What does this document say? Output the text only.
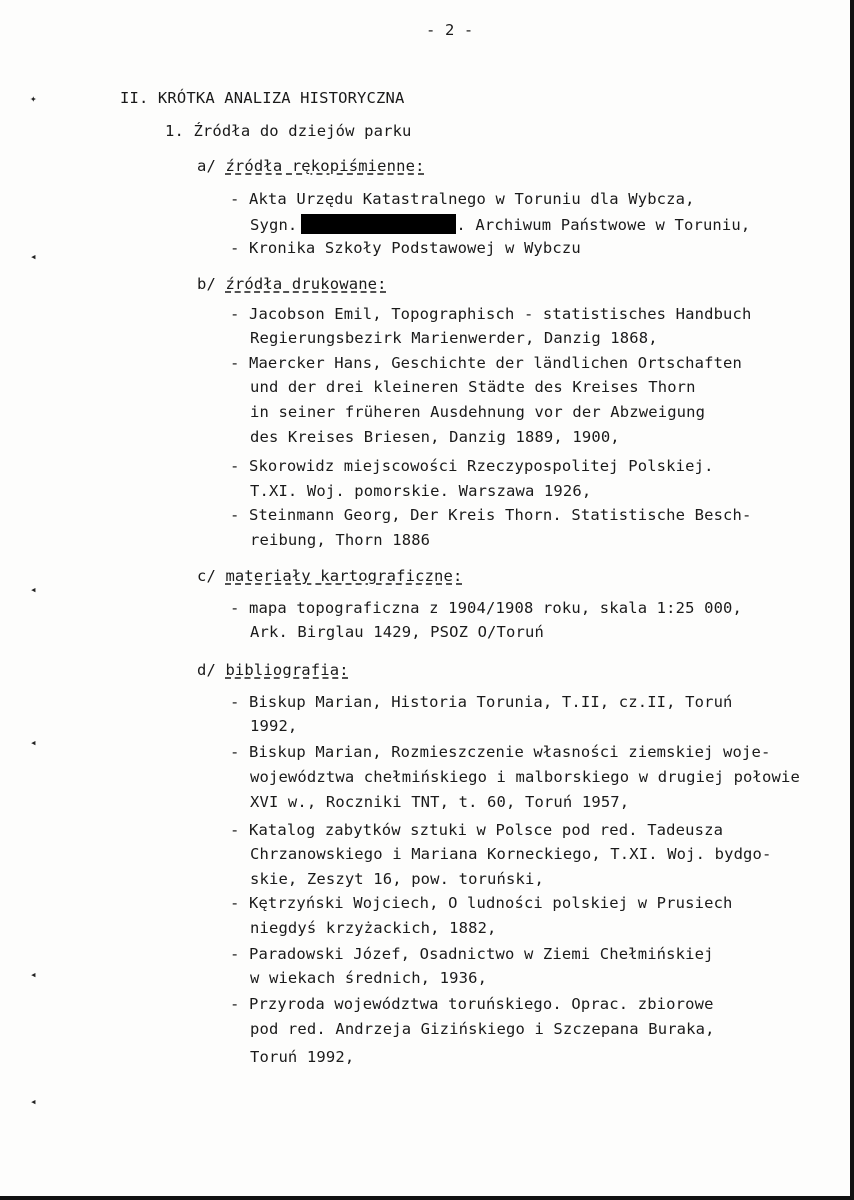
✦
◂
◂
◂
◂
◂
- 2 -
II. KRÓTKA ANALIZA HISTORYCZNA
1. Źródła do dziejów parku
a/ źródła rękopiśmienne:
- Akta Urzędu Katastralnego w Toruniu dla Wybcza,
Sygn.	. Archiwum Państwowe w Toruniu,
- Kronika Szkoły Podstawowej w Wybczu
b/ źródła drukowane:
- Jacobson Emil, Topographisch - statistisches Handbuch
Regierungsbezirk Marienwerder, Danzig 1868,
- Maercker Hans, Geschichte der ländlichen Ortschaften
und der drei kleineren Städte des Kreises Thorn
in seiner früheren Ausdehnung vor der Abzweigung
des Kreises Briesen, Danzig 1889, 1900,
- Skorowidz miejscowości Rzeczypospolitej Polskiej.
T.XI. Woj. pomorskie. Warszawa 1926,
- Steinmann Georg, Der Kreis Thorn. Statistische Besch-
reibung, Thorn 1886
c/ materiały kartograficzne:
- mapa topograficzna z 1904/1908 roku, skala 1:25 000,
Ark. Birglau 1429, PSOZ O/Toruń
d/ bibliografia:
- Biskup Marian, Historia Torunia, T.II, cz.II, Toruń
1992,
- Biskup Marian, Rozmieszczenie własności ziemskiej woje-
województwa chełmińskiego i malborskiego w drugiej połowie
XVI w., Roczniki TNT, t. 60, Toruń 1957,
- Katalog zabytków sztuki w Polsce pod red. Tadeusza
Chrzanowskiego i Mariana Korneckiego, T.XI. Woj. bydgo-
skie, Zeszyt 16, pow. toruński,
- Kętrzyński Wojciech, O ludności polskiej w Prusiech
niegdyś krzyżackich, 1882,
- Paradowski Józef, Osadnictwo w Ziemi Chełmińskiej
w wiekach średnich, 1936,
- Przyroda województwa toruńskiego. Oprac. zbiorowe
pod red. Andrzeja Gizińskiego i Szczepana Buraka,
Toruń 1992,
